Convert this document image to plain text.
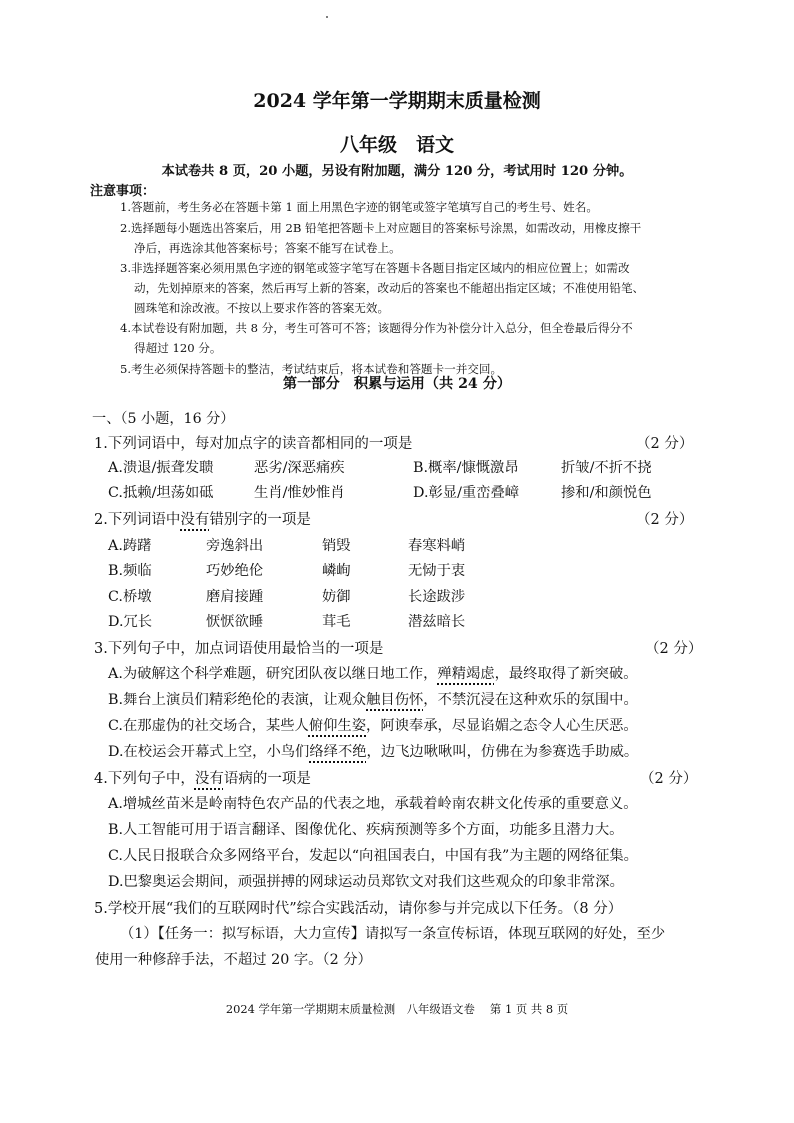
2024 学年第一学期期末质量检测
八年级　语文
本试卷共 8 页，20 小题，另设有附加题，满分 120 分，考试用时 120 分钟。
注意事项：
1.答题前，考生务必在答题卡第 1 面上用黑色字迹的钢笔或签字笔填写自己的考生号、姓名。
2.选择题每小题选出答案后，用 2B 铅笔把答题卡上对应题目的答案标号涂黑，如需改动，用橡皮擦干
净后，再选涂其他答案标号；答案不能写在试卷上。
3.非选择题答案必须用黑色字迹的钢笔或签字笔写在答题卡各题目指定区域内的相应位置上；如需改
动，先划掉原来的答案，然后再写上新的答案，改动后的答案也不能超出指定区域；不准使用铅笔、
圆珠笔和涂改液。不按以上要求作答的答案无效。
4.本试卷设有附加题，共 8 分，考生可答可不答；该题得分作为补偿分计入总分，但全卷最后得分不
得超过 120 分。
5.考生必须保持答题卡的整洁，考试结束后，将本试卷和答题卡一并交回。
第一部分　积累与运用（共 24 分）
一、（5 小题，16 分）
1.下列词语中，每对加点字的读音都相同的一项是	（2 分）
A.溃退/振聋发聩	恶劣/深恶痛疾	B.概率/慷慨激昂	折皱/不折不挠
C.抵赖/坦荡如砥	生肖/惟妙惟肖	D.彰显/重峦叠嶂	掺和/和颜悦色
2.下列词语中没有错别字的一项是	（2 分）
A.踌躇	旁逸斜出	销毁	春寒料峭
B.频临	巧妙绝伦	嶙峋	无恸于衷
C.桥墩	磨肩接踵	妨御	长途跋涉
D.冗长	恹恹欲睡	茸毛	潜兹暗长
3.下列句子中，加点词语使用最恰当的一项是	（2 分）
A.为破解这个科学难题，研究团队夜以继日地工作，殚精竭虑，最终取得了新突破。
B.舞台上演员们精彩绝伦的表演，让观众触目伤怀，不禁沉浸在这种欢乐的氛围中。
C.在那虚伪的社交场合，某些人俯仰生姿，阿谀奉承，尽显谄媚之态令人心生厌恶。
D.在校运会开幕式上空，小鸟们络绎不绝，边飞边啾啾叫，仿佛在为参赛选手助威。
4.下列句子中，没有语病的一项是	（2 分）
A.增城丝苗米是岭南特色农产品的代表之地，承载着岭南农耕文化传承的重要意义。
B.人工智能可用于语言翻译、图像优化、疾病预测等多个方面，功能多且潜力大。
C.人民日报联合众多网络平台，发起以“向祖国表白，中国有我”为主题的网络征集。
D.巴黎奥运会期间，顽强拼搏的网球运动员郑钦文对我们这些观众的印象非常深。
5.学校开展“我们的互联网时代”综合实践活动，请你参与并完成以下任务。（8 分）
（1）【任务一：拟写标语，大力宣传】请拟写一条宣传标语，体现互联网的好处，至少
使用一种修辞手法，不超过 20 字。（2 分）
2024 学年第一学期期末质量检测　八年级语文卷　 第 1 页 共 8 页
